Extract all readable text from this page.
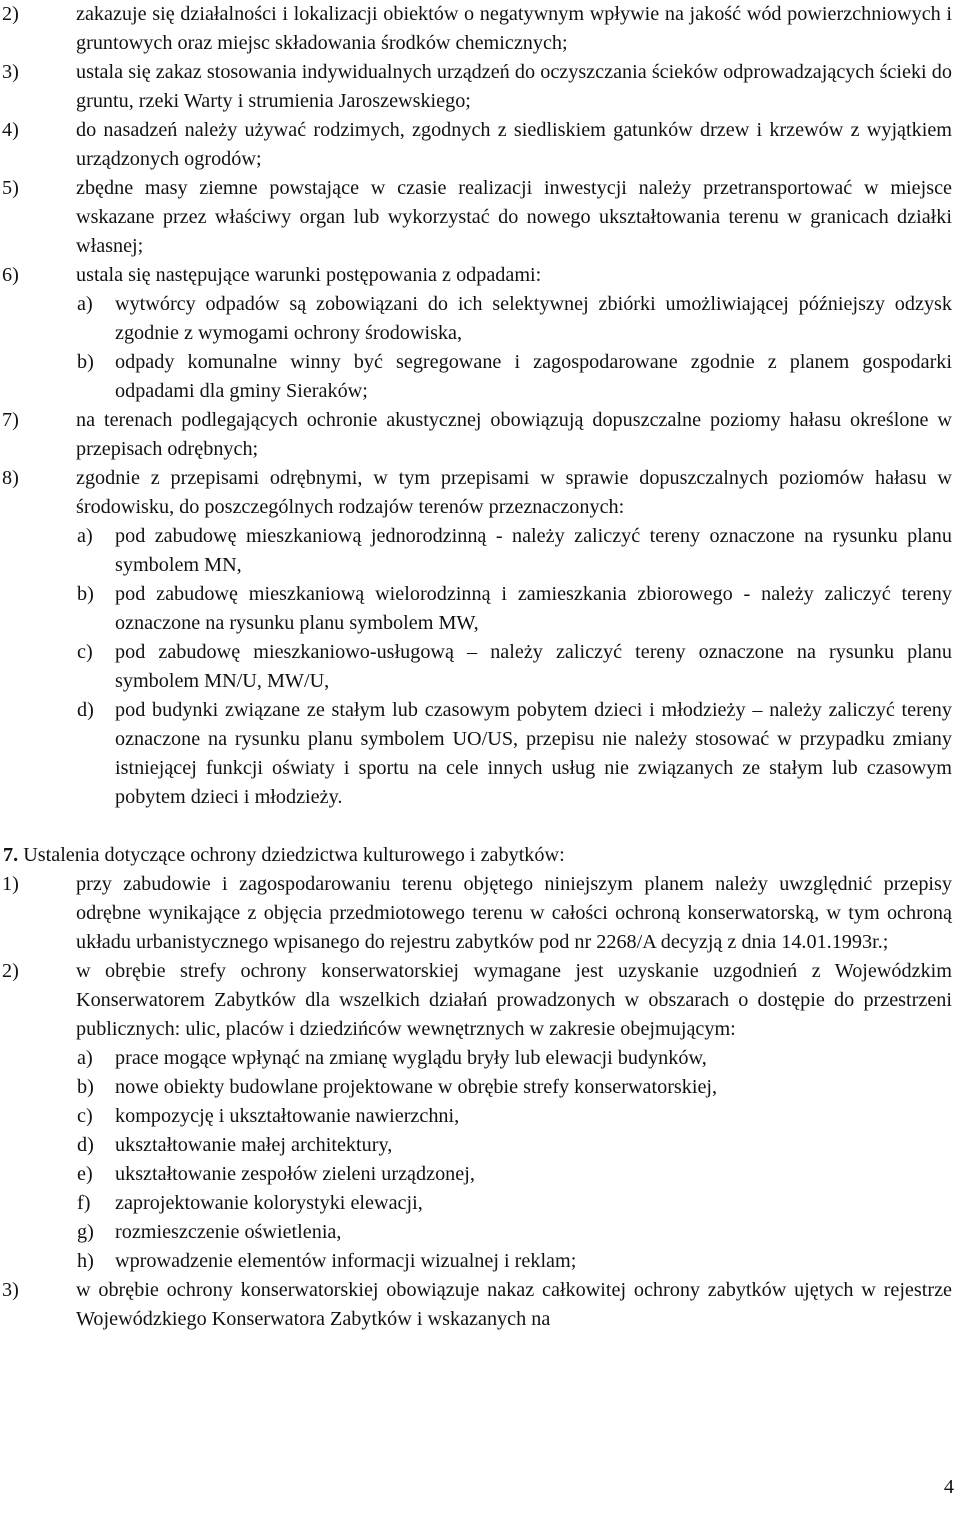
2)	zakazuje się działalności i lokalizacji obiektów o negatywnym wpływie na jakość wód powierzchniowych i gruntowych oraz miejsc składowania środków chemicznych;
3)	ustala się zakaz stosowania indywidualnych urządzeń do oczyszczania ścieków odprowadzających ścieki do gruntu, rzeki Warty i strumienia Jaroszewskiego;
4)	do nasadzeń należy używać rodzimych, zgodnych z siedliskiem gatunków drzew i krzewów z wyjątkiem urządzonych ogrodów;
5)	zbędne masy ziemne powstające w czasie realizacji inwestycji należy przetransportować w miejsce wskazane przez właściwy organ lub wykorzystać do nowego ukształtowania terenu w granicach działki własnej;
6)	ustala się następujące warunki postępowania z odpadami:
a) wytwórcy odpadów są zobowiązani do ich selektywnej zbiórki umożliwiającej późniejszy odzysk zgodnie z wymogami ochrony środowiska,
b) odpady komunalne winny być segregowane i zagospodarowane zgodnie z planem gospodarki odpadami dla gminy Sieraków;
7)	na terenach podlegających ochronie akustycznej obowiązują dopuszczalne poziomy hałasu określone w przepisach odrębnych;
8)	zgodnie z przepisami odrębnymi, w tym przepisami w sprawie dopuszczalnych poziomów hałasu w środowisku, do poszczególnych rodzajów terenów przeznaczonych:
a) pod zabudowę mieszkaniową jednorodzinną - należy zaliczyć tereny oznaczone na rysunku planu symbolem MN,
b) pod zabudowę mieszkaniową wielorodzinną i zamieszkania zbiorowego - należy zaliczyć tereny oznaczone na rysunku planu symbolem MW,
c) pod zabudowę mieszkaniowo-usługową – należy zaliczyć tereny oznaczone na rysunku planu symbolem MN/U, MW/U,
d) pod budynki związane ze stałym lub czasowym pobytem dzieci i młodzieży – należy zaliczyć tereny oznaczone na rysunku planu symbolem UO/US, przepisu nie należy stosować w przypadku zmiany istniejącej funkcji oświaty i sportu na cele innych usług nie związanych ze stałym lub czasowym pobytem dzieci i młodzieży.
7. Ustalenia dotyczące ochrony dziedzictwa kulturowego i zabytków:
1)	przy zabudowie i zagospodarowaniu terenu objętego niniejszym planem należy uwzględnić przepisy odrębne wynikające z objęcia przedmiotowego terenu w całości ochroną konserwatorską, w tym ochroną układu urbanistycznego wpisanego do rejestru zabytków pod nr 2268/A decyzją z dnia 14.01.1993r.;
2)	w obrębie strefy ochrony konserwatorskiej wymagane jest uzyskanie uzgodnień z Wojewódzkim Konserwatorem Zabytków dla wszelkich działań prowadzonych w obszarach o dostępie do przestrzeni publicznych: ulic, placów i dziedzińców wewnętrznych w zakresie obejmującym:
a) prace mogące wpłynąć na zmianę wyglądu bryły lub elewacji budynków,
b) nowe obiekty budowlane projektowane w obrębie strefy konserwatorskiej,
c) kompozycję i ukształtowanie nawierzchni,
d) ukształtowanie małej architektury,
e) ukształtowanie zespołów zieleni urządzonej,
f) zaprojektowanie kolorystyki elewacji,
g) rozmieszczenie oświetlenia,
h) wprowadzenie elementów informacji wizualnej i reklam;
3)	w obrębie ochrony konserwatorskiej obowiązuje nakaz całkowitej ochrony zabytków ujętych w rejestrze Wojewódzkiego Konserwatora Zabytków i wskazanych na
4
